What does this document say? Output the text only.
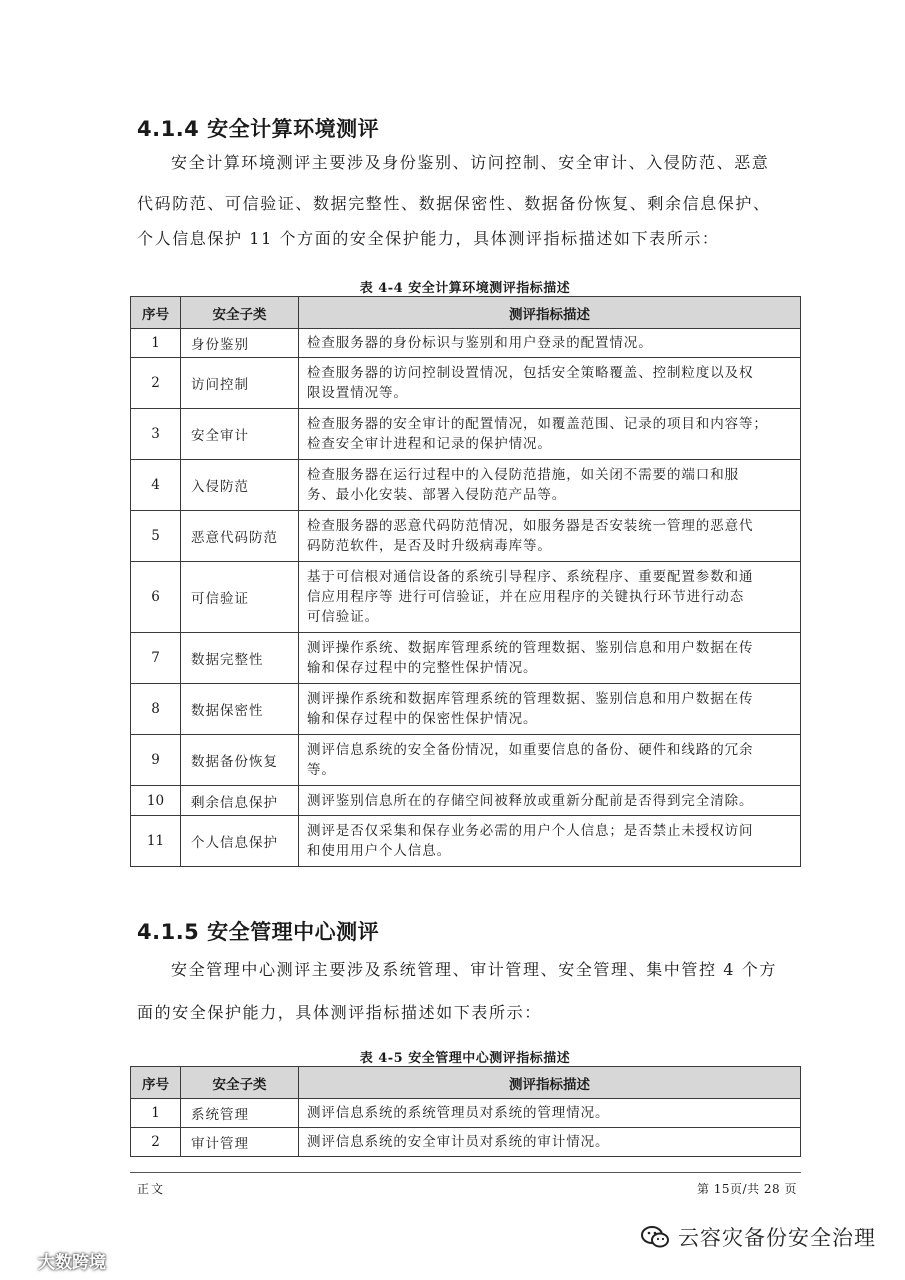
4.1.4 安全计算环境测评

安全计算环境测评主要涉及身份鉴别、访问控制、安全审计、入侵防范、恶意
代码防范、可信验证、数据完整性、数据保密性、数据备份恢复、剩余信息保护、
个人信息保护 11 个方面的安全保护能力，具体测评指标描述如下表所示：

表 4-4 安全计算环境测评指标描述
序号	安全子类	测评指标描述
1	身份鉴别	检查服务器的身份标识与鉴别和用户登录的配置情况。

2	访问控制	检查服务器的访问控制设置情况，包括安全策略覆盖、控制粒度以及权
限设置情况等。

3	安全审计	检查服务器的安全审计的配置情况，如覆盖范围、记录的项目和内容等；
检查安全审计进程和记录的保护情况。

4	入侵防范	检查服务器在运行过程中的入侵防范措施，如关闭不需要的端口和服
务、最小化安装、部署入侵防范产品等。

5	恶意代码防范	检查服务器的恶意代码防范情况，如服务器是否安装统一管理的恶意代
码防范软件，是否及时升级病毒库等。

6	可信验证	基于可信根对通信设备的系统引导程序、系统程序、重要配置参数和通
信应用程序等 进行可信验证，并在应用程序的关键执行环节进行动态
可信验证。

7	数据完整性	测评操作系统、数据库管理系统的管理数据、鉴别信息和用户数据在传
输和保存过程中的完整性保护情况。

8	数据保密性	测评操作系统和数据库管理系统的管理数据、鉴别信息和用户数据在传
输和保存过程中的保密性保护情况。

9	数据备份恢复	测评信息系统的安全备份情况，如重要信息的备份、硬件和线路的冗余
等。

10	剩余信息保护	测评鉴别信息所在的存储空间被释放或重新分配前是否得到完全清除。

11	个人信息保护	测评是否仅采集和保存业务必需的用户个人信息；是否禁止未授权访问
和使用用户个人信息。
4.1.5 安全管理中心测评

安全管理中心测评主要涉及系统管理、审计管理、安全管理、集中管控 4 个方
面的安全保护能力，具体测评指标描述如下表所示：

表 4-5 安全管理中心测评指标描述
序号	安全子类	测评指标描述
1	系统管理	测评信息系统的系统管理员对系统的管理情况。

2	审计管理	测评信息系统的安全审计员对系统的审计情况。
正文	第 15页/共 28 页
大数跨境
云容灾备份安全治理
